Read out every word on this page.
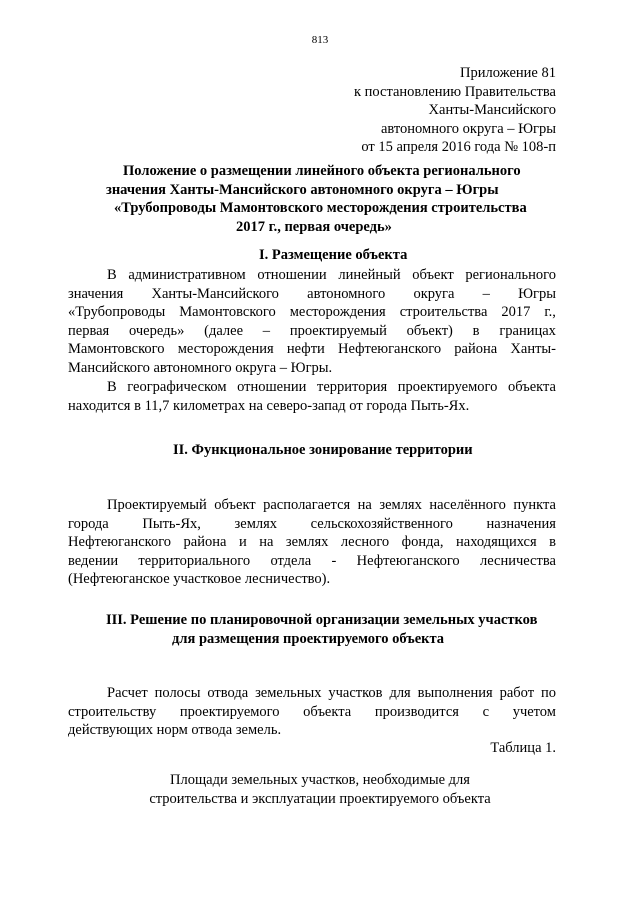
813
Приложение 81
к постановлению Правительства
Ханты-Мансийского
автономного округа – Югры
от 15 апреля 2016 года № 108-п
Положение о размещении линейного объекта регионального
значения Ханты-Мансийского автономного округа – Югры
«Трубопроводы Мамонтовского месторождения строительства
2017 г., первая очередь»
I. Размещение объекта
В административном отношении линейный объект регионального
значения Ханты-Мансийского автономного округа – Югры
«Трубопроводы Мамонтовского месторождения строительства 2017 г.,
первая очередь» (далее – проектируемый объект) в границах
Мамонтовского месторождения нефти Нефтеюганского района Ханты-
Мансийского автономного округа – Югры.
В географическом отношении территория проектируемого объекта
находится в 11,7 километрах на северо-запад от города Пыть-Ях.
II. Функциональное зонирование территории
Проектируемый объект располагается на землях населённого пункта
города Пыть-Ях, землях сельскохозяйственного назначения
Нефтеюганского района и на землях лесного фонда, находящихся в
ведении территориального отдела - Нефтеюганского лесничества
(Нефтеюганское участковое лесничество).
III. Решение по планировочной организации земельных участков
для размещения проектируемого объекта
Расчет полосы отвода земельных участков для выполнения работ по
строительству проектируемого объекта производится с учетом
действующих норм отвода земель.
Таблица 1.
Площади земельных участков, необходимые для
строительства и эксплуатации проектируемого объекта
